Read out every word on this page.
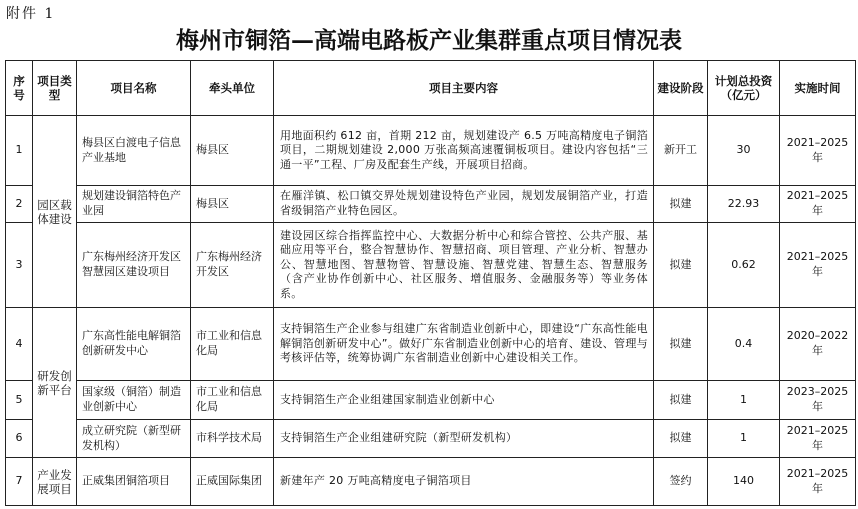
附件 1
梅州市铜箔—高端电路板产业集群重点项目情况表
序号	项目类型	项目名称	牵头单位	项目主要内容	建设阶段	计划总投资（亿元）	实施时间
1	园区载体建设	梅县区白渡电子信息产业基地	梅县区	用地面积约 612 亩，首期 212 亩，规划建设产 6.5 万吨高精度电子铜箔项目，二期规划建设 2,000 万张高频高速覆铜板项目。建设内容包括“三通一平”工程、厂房及配套生产线，开展项目招商。	新开工	30	2021–2025 年
2		规划建设铜箔特色产业园	梅县区	在雁洋镇、松口镇交界处规划建设特色产业园，规划发展铜箔产业，打造省级铜箔产业特色园区。	拟建	22.93	2021–2025 年
3		广东梅州经济开发区智慧园区建设项目	广东梅州经济开发区	建设园区综合指挥监控中心、大数据分析中心和综合管控、公共产服、基础应用等平台，整合智慧协作、智慧招商、项目管理、产业分析、智慧办公、智慧地图、智慧物管、智慧设施、智慧党建、智慧生态、智慧服务（含产业协作创新中心、社区服务、增值服务、金融服务等）等业务体系。	拟建	0.62	2021–2025 年
4	研发创新平台	广东高性能电解铜箔创新研发中心	市工业和信息化局	支持铜箔生产企业参与组建广东省制造业创新中心，即建设“广东高性能电解铜箔创新研发中心”。做好广东省制造业创新中心的培育、建设、管理与考核评估等，统筹协调广东省制造业创新中心建设相关工作。	拟建	0.4	2020–2022 年
5		国家级（铜箔）制造业创新中心	市工业和信息化局	支持铜箔生产企业组建国家制造业创新中心	拟建	1	2023–2025 年
6		成立研究院（新型研发机构）	市科学技术局	支持铜箔生产企业组建研究院（新型研发机构）	拟建	1	2021–2025 年
7	产业发展项目	正威集团铜箔项目	正威国际集团	新建年产 20 万吨高精度电子铜箔项目	签约	140	2021–2025 年
